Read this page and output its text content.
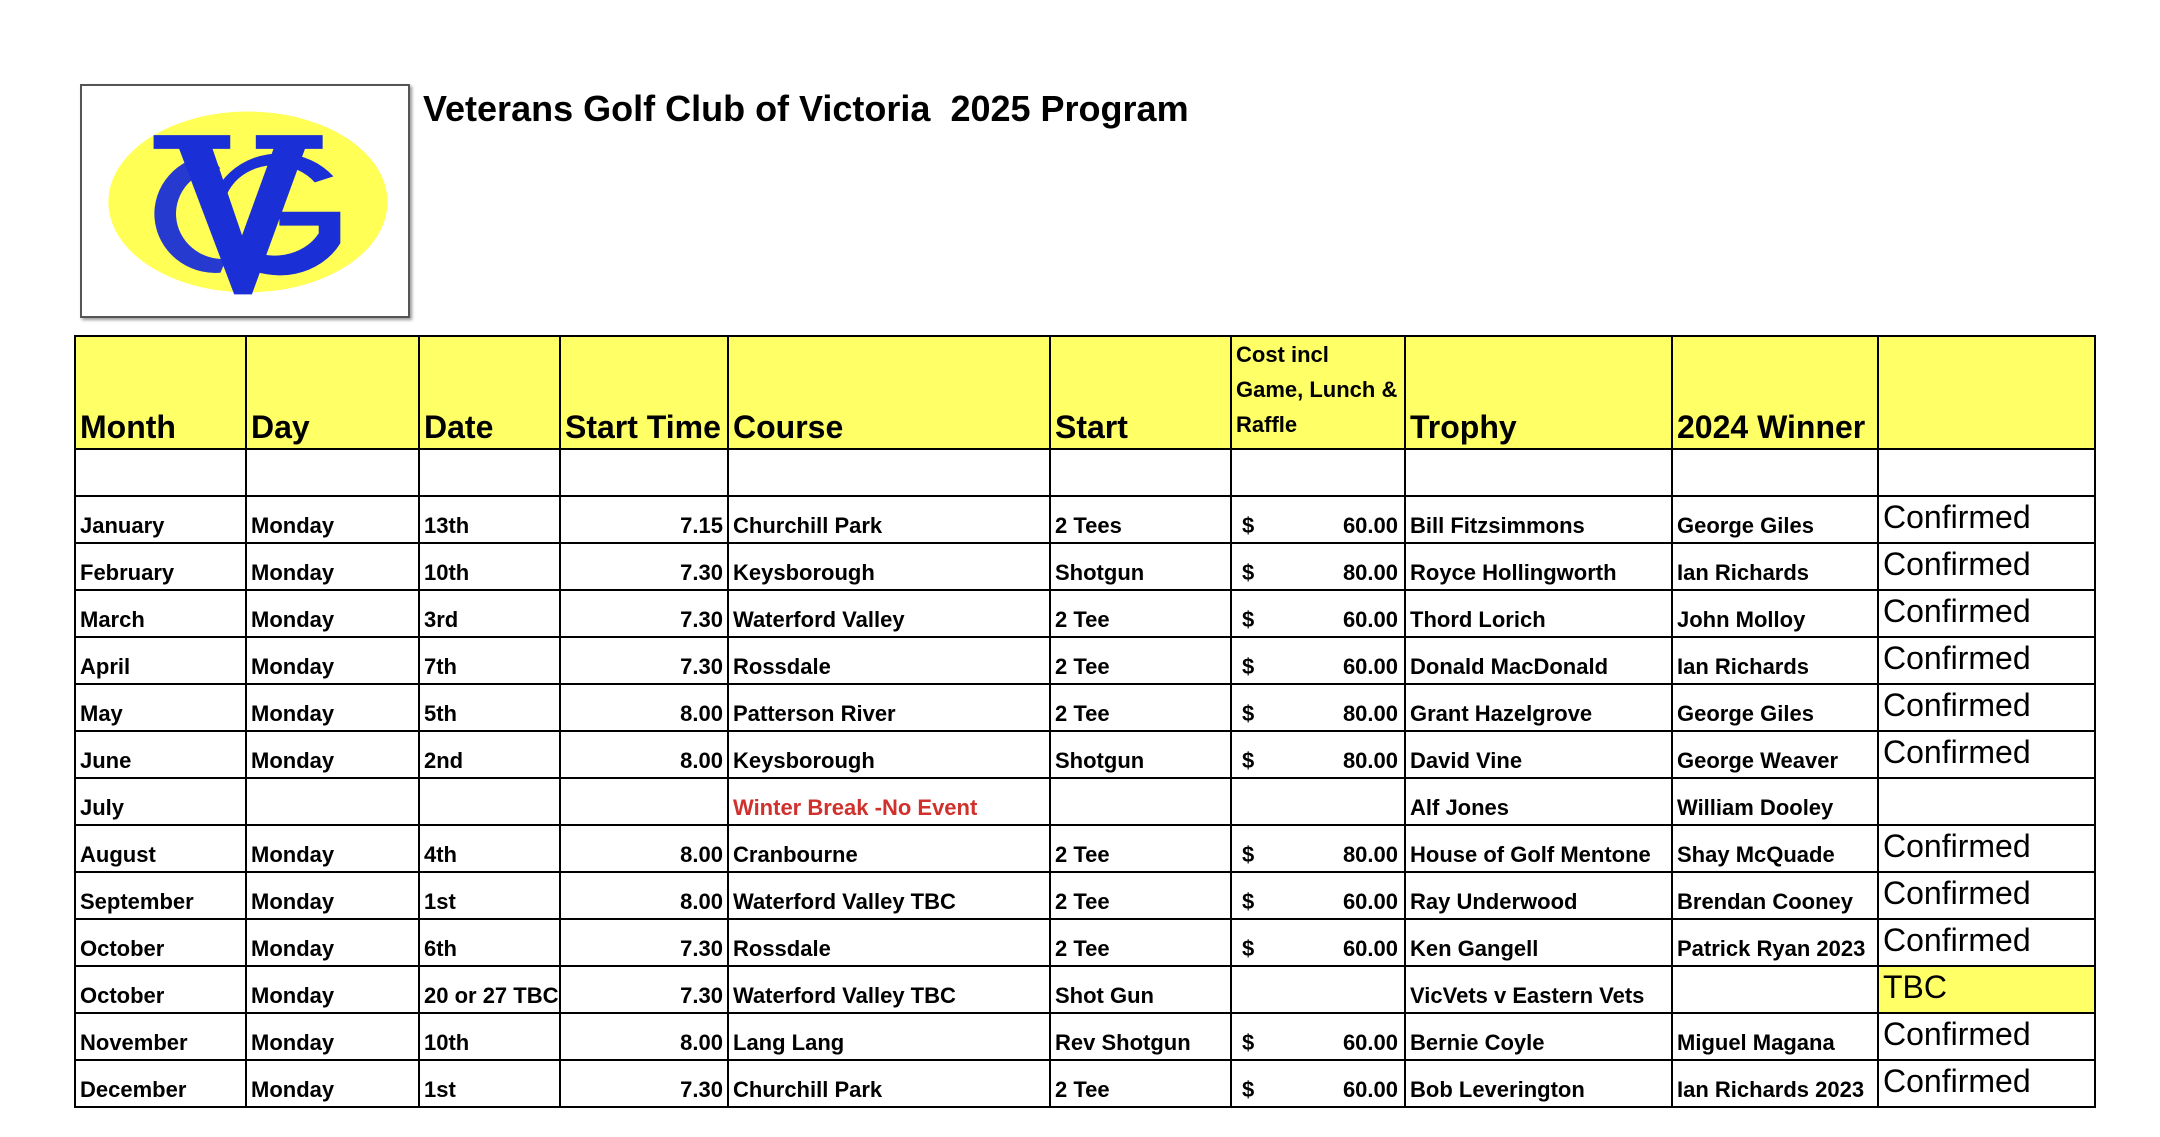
VGC
Veterans Golf Club of Victoria  2025 Program
Month	Day	Date	Start Time	Course	Start	Cost incl Game, Lunch & Raffle	Trophy	2024 Winner	

January	Monday	13th	7.15	Churchill Park	2 Tees	$ 60.00	Bill Fitzsimmons	George Giles	Confirmed
February	Monday	10th	7.30	Keysborough	Shotgun	$ 80.00	Royce Hollingworth	Ian Richards	Confirmed
March	Monday	3rd	7.30	Waterford Valley	2 Tee	$ 60.00	Thord Lorich	John Molloy	Confirmed
April	Monday	7th	7.30	Rossdale	2 Tee	$ 60.00	Donald MacDonald	Ian Richards	Confirmed
May	Monday	5th	8.00	Patterson River	2 Tee	$ 80.00	Grant Hazelgrove	George Giles	Confirmed
June	Monday	2nd	8.00	Keysborough	Shotgun	$ 80.00	David Vine	George Weaver	Confirmed
July				Winter Break -No Event			Alf Jones	William Dooley	
August	Monday	4th	8.00	Cranbourne	2 Tee	$ 80.00	House of Golf Mentone	Shay McQuade	Confirmed
September	Monday	1st	8.00	Waterford Valley TBC	2 Tee	$ 60.00	Ray Underwood	Brendan Cooney	Confirmed
October	Monday	6th	7.30	Rossdale	2 Tee	$ 60.00	Ken Gangell	Patrick Ryan 2023	Confirmed
October	Monday	20 or 27 TBC	7.30	Waterford Valley TBC	Shot Gun		VicVets v Eastern Vets		TBC
November	Monday	10th	8.00	Lang Lang	Rev Shotgun	$ 60.00	Bernie Coyle	Miguel Magana	Confirmed
December	Monday	1st	7.30	Churchill Park	2 Tee	$ 60.00	Bob Leverington	Ian Richards 2023	Confirmed
